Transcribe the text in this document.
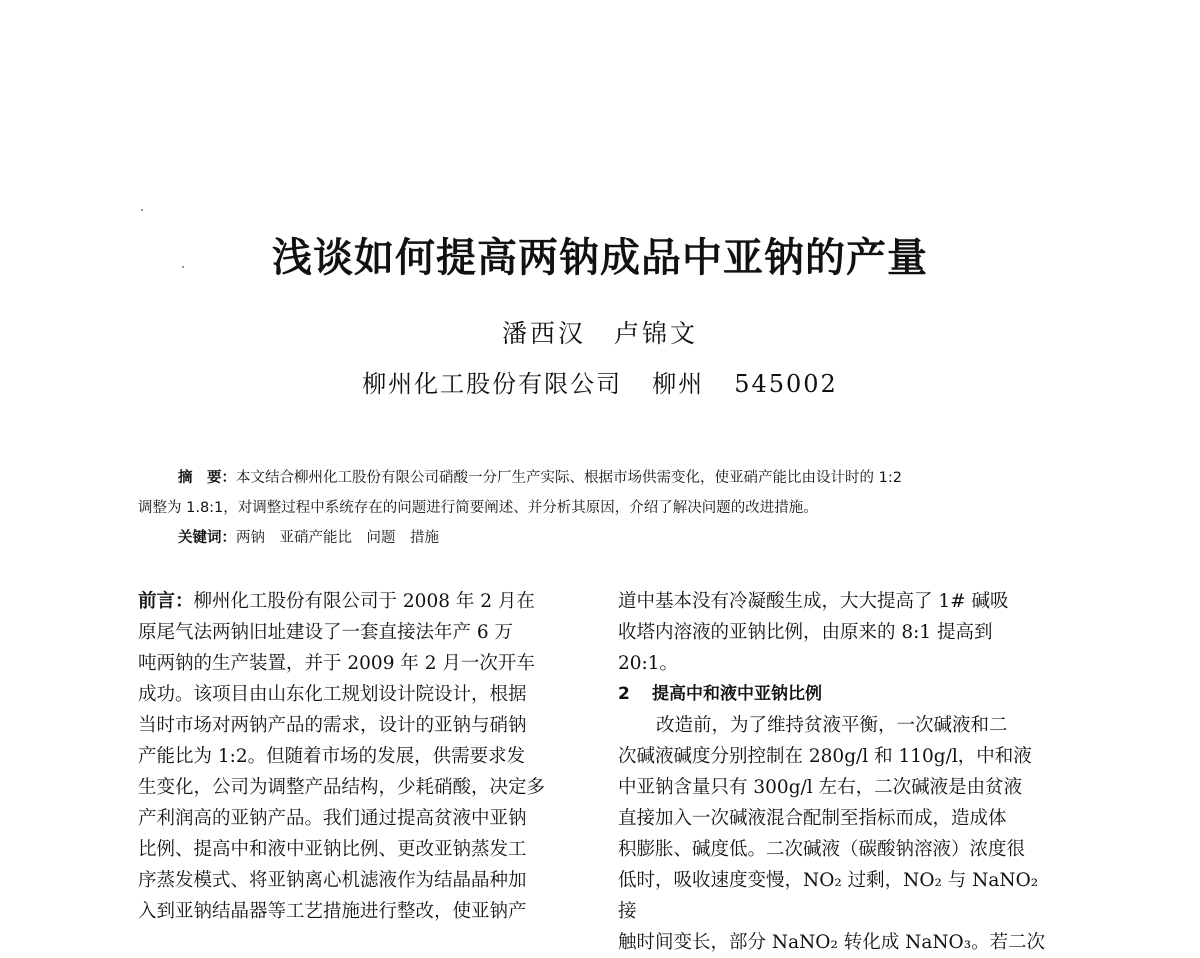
浅谈如何提高两钠成品中亚钠的产量
潘西汉　卢锦文
柳州化工股份有限公司 柳州 545002
摘　要：本文结合柳州化工股份有限公司硝酸一分厂生产实际、根据市场供需变化，使亚硝产能比由设计时的 1:2
调整为 1.8:1，对调整过程中系统存在的问题进行简要阐述、并分析其原因，介绍了解决问题的改进措施。
关键词：两钠　亚硝产能比　问题　措施

前言：柳州化工股份有限公司于 2008 年 2 月在

原尾气法两钠旧址建设了一套直接法年产 6 万

吨两钠的生产装置，并于 2009 年 2 月一次开车

成功。该项目由山东化工规划设计院设计，根据

当时市场对两钠产品的需求，设计的亚钠与硝钠

产能比为 1:2。但随着市场的发展，供需要求发

生变化，公司为调整产品结构，少耗硝酸，决定多

产利润高的亚钠产品。我们通过提高贫液中亚钠

比例、提高中和液中亚钠比例、更改亚钠蒸发工

序蒸发模式、将亚钠离心机滤液作为结晶晶种加

入到亚钠结晶器等工艺措施进行整改，使亚钠产

道中基本没有冷凝酸生成，大大提高了 1# 碱吸

收塔内溶液的亚钠比例，由原来的 8:1 提高到

20:1。

2 提高中和液中亚钠比例

改造前，为了维持贫液平衡，一次碱液和二

次碱液碱度分别控制在 280g/l 和 110g/l，中和液

中亚钠含量只有 300g/l 左右，二次碱液是由贫液

直接加入一次碱液混合配制至指标而成，造成体

积膨胀、碱度低。二次碱液（碳酸钠溶液）浓度很

低时，吸收速度变慢，NO₂ 过剩，NO₂ 与 NaNO₂ 接

触时间变长，部分 NaNO₂ 转化成 NaNO₃。若二次
